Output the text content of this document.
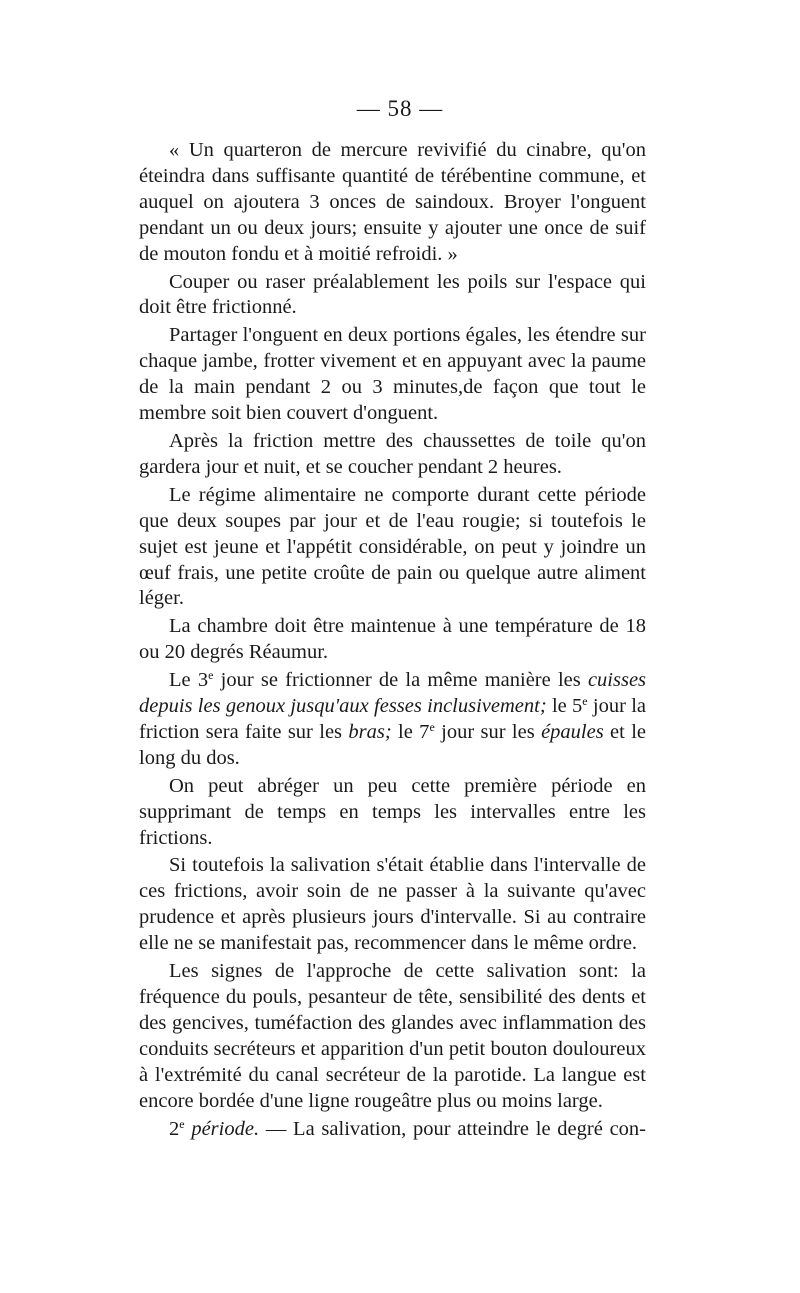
— 58 —

« Un quarteron de mercure revivifié du cinabre, qu'on éteindra dans suffisante quantité de térébentine commune, et auquel on ajoutera 3 onces de saindoux. Broyer l'onguent pendant un ou deux jours; ensuite y ajouter une once de suif de mouton fondu et à moitié refroidi. »

Couper ou raser préalablement les poils sur l'espace qui doit être frictionné.

Partager l'onguent en deux portions égales, les étendre sur chaque jambe, frotter vivement et en appuyant avec la paume de la main pendant 2 ou 3 minutes,de façon que tout le membre soit bien couvert d'onguent.

Après la friction mettre des chaussettes de toile qu'on gardera jour et nuit, et se coucher pendant 2 heures.

Le régime alimentaire ne comporte durant cette période que deux soupes par jour et de l'eau rougie; si toutefois le sujet est jeune et l'appétit considérable, on peut y joindre un œuf frais, une petite croûte de pain ou quelque autre aliment léger.

La chambre doit être maintenue à une température de 18 ou 20 degrés Réaumur.

Le 3e jour se frictionner de la même manière les cuisses depuis les genoux jusqu'aux fesses inclusivement; le 5e jour la friction sera faite sur les bras; le 7e jour sur les épaules et le long du dos.

On peut abréger un peu cette première période en supprimant de temps en temps les intervalles entre les frictions.

Si toutefois la salivation s'était établie dans l'intervalle de ces frictions, avoir soin de ne passer à la suivante qu'avec prudence et après plusieurs jours d'intervalle. Si au contraire elle ne se manifestait pas, recommencer dans le même ordre.

Les signes de l'approche de cette salivation sont: la fréquence du pouls, pesanteur de tête, sensibilité des dents et des gencives, tuméfaction des glandes avec inflammation des conduits secréteurs et apparition d'un petit bouton douloureux à l'extrémité du canal secréteur de la parotide. La langue est encore bordée d'une ligne rougeâtre plus ou moins large.

2e période. — La salivation, pour atteindre le degré con-
